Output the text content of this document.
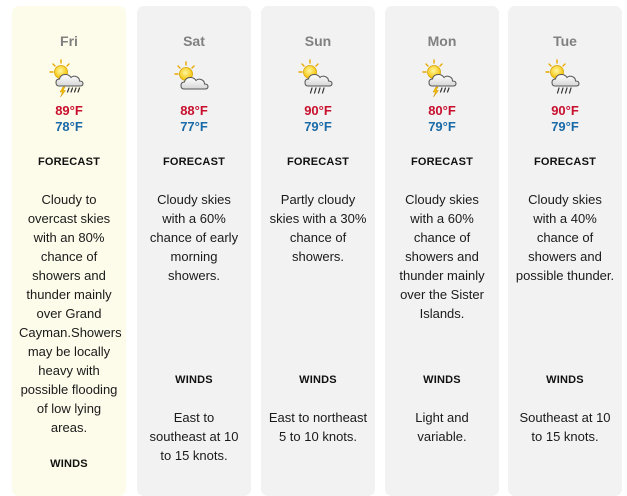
Fri
89°F
78°F
FORECAST
Cloudy to overcast skies with an 80% chance of showers and thunder mainly over Grand Cayman.Showers may be locally heavy with possible flooding of low lying areas.
WINDS
Sat
88°F
77°F
FORECAST
Cloudy skies with a 60% chance of early morning showers.
WINDS
East to southeast at 10 to 15 knots.
Sun
90°F
79°F
FORECAST
Partly cloudy skies with a 30% chance of showers.
WINDS
East to northeast 5 to 10 knots.
Mon
80°F
79°F
FORECAST
Cloudy skies with a 60% chance of showers and thunder mainly over the Sister Islands.
WINDS
Light and variable.
Tue
90°F
79°F
FORECAST
Cloudy skies with a 40% chance of showers and possible thunder.
WINDS
Southeast at 10 to 15 knots.
